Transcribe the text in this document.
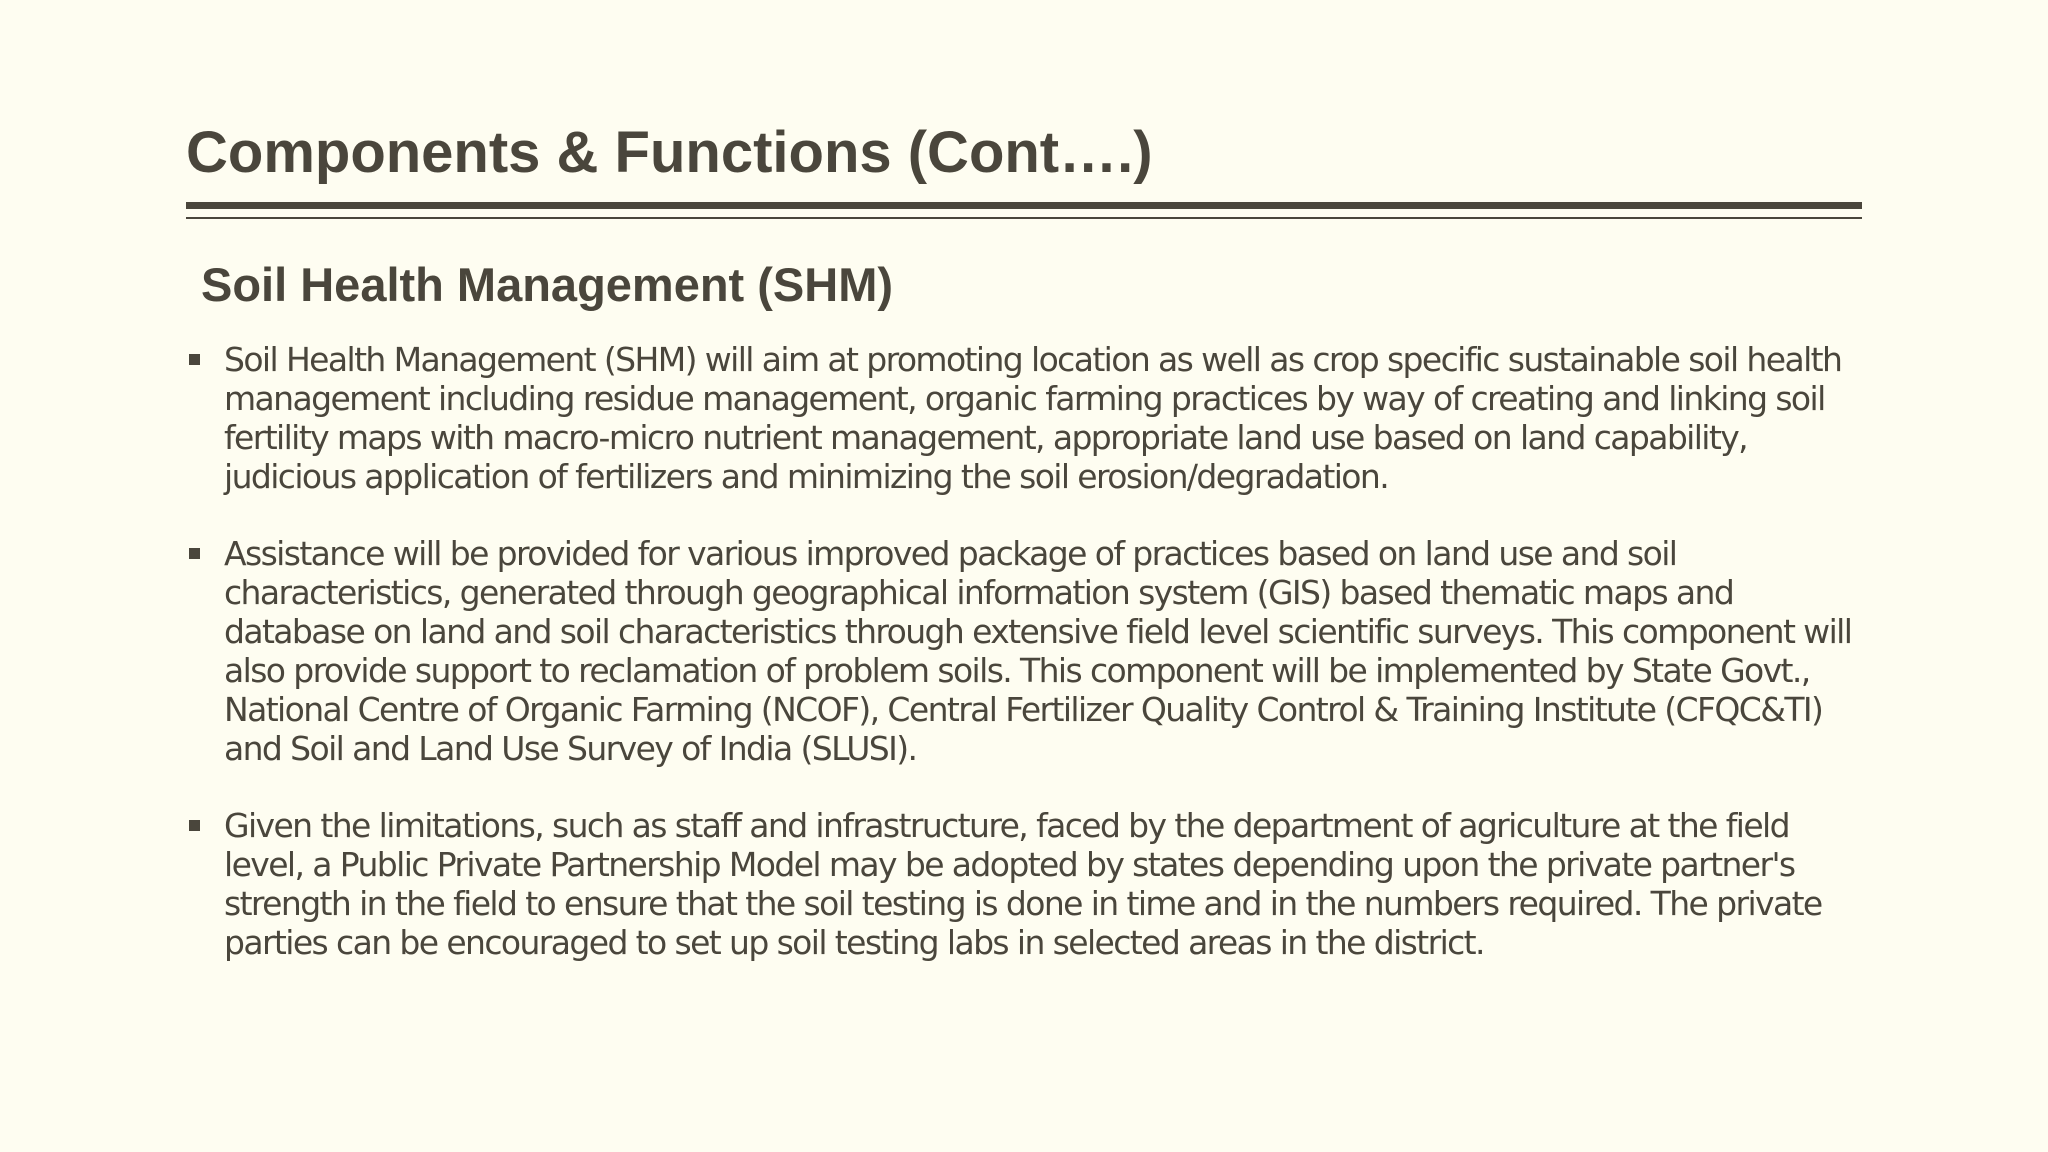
Components & Functions (Cont….)
Soil Health Management (SHM)
Soil Health Management (SHM) will aim at promoting location as well as crop specific sustainable soil health management including residue management, organic farming practices by way of creating and linking soil fertility maps with macro-micro nutrient management, appropriate land use based on land capability, judicious application of fertilizers and minimizing the soil erosion/degradation.
Assistance will be provided for various improved package of practices based on land use and soil characteristics, generated through geographical information system (GIS) based thematic maps and database on land and soil characteristics through extensive field level scientific surveys. This component will also provide support to reclamation of problem soils. This component will be implemented by State Govt., National Centre of Organic Farming (NCOF), Central Fertilizer Quality Control & Training Institute (CFQC&TI) and Soil and Land Use Survey of India (SLUSI).
Given the limitations, such as staff and infrastructure, faced by the department of agriculture at the field level, a Public Private Partnership Model may be adopted by states depending upon the private partner's strength in the field to ensure that the soil testing is done in time and in the numbers required. The private parties can be encouraged to set up soil testing labs in selected areas in the district.
